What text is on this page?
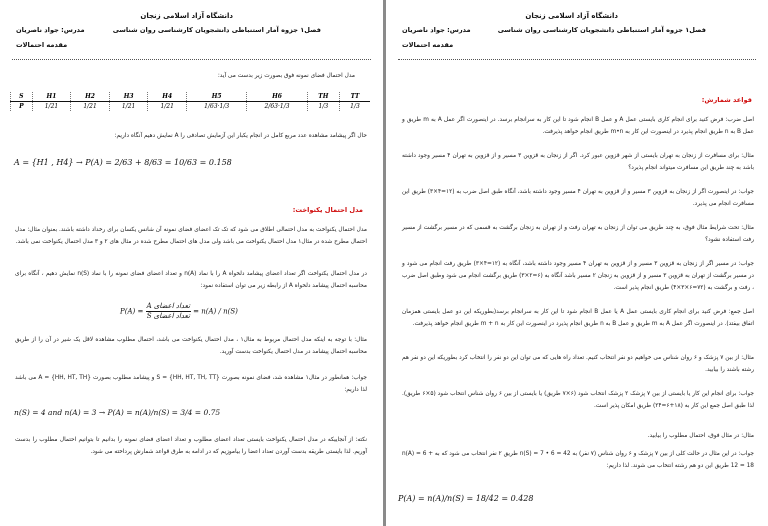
دانشگاه آزاد اسلامی زنجان
فصل۱ جزوه آمار استنباطی دانشجویان کارشناسی روان شناسی
مدرس: جواد ناصریان
مقدمه احتمالات
مدل احتمال فضای نمونه فوق بصورت زیر بدست می آید:
S	H1	H2	H3	H4	H5	H6	TH	TT
P	1/21	1/21	1/21	1/21	1/63·1/3	2/63·1/3	1/3	1/3
حال اگر پیشامد مشاهده عدد مربع کامل در انجام یکبار این آزمایش تصادفی را A نمایش دهیم آنگاه داریم:
A = {H1 , H4} → P(A) = 2/63 + 8/63 = 10/63 = 0.158
مدل احتمال یکنواخت:
مدل احتمال یکنواخت به مدل احتمالی اطلاق می شود که تک تک اعضای فضای نمونه آن شانس یکسان برای رخداد داشته باشند. بعنوان مثال: مدل احتمال مطرح شده در مثال۱ مدل احتمال یکنواخت می باشد ولی مدل های احتمال مطرح شده در مثال های ۲ و ۳ مدل احتمال یکنواخت نمی باشد.
در مدل احتمال یکنواخت اگر تعداد اعضای پیشامد دلخواه A را با نماد n(A) و تعداد اعضای فضای نمونه را با نماد n(S) نمایش دهیم ، آنگاه برای محاسبه احتمال پیشامد دلخواه A از رابطه زیر می توان استفاده نمود:
$P(A) = \frac{\text{A تعداد اعضای}}{\text{S تعداد اعضای}} = n(A) / n(S)$
مثال: با توجه به اینکه مدل احتمال مربوط به مثال۱ ، مدل احتمال یکنواخت می باشد، احتمال مطلوب مشاهده لاقل یک شیر در آن را از طریق محاسبه احتمال پیشامد در مدل احتمال یکنواخت بدست آورید.
جواب: همانطور در مثال۱ مشاهده شد، فضای نمونه بصورت S = {HH, HT, TH, TT} و پیشامد مطلوب بصورت A = {HH, HT, TH} می باشد لذا داریم:
n(S) = 4 and n(A) = 3 → P(A) = n(A)/n(S) = 3/4 = 0.75
نکته: از آنجاییکه در مدل احتمال یکنواخت بایستی تعداد اعضای مطلوب و تعداد اعضای فضای نمونه را بدانیم تا بتوانیم احتمال مطلوب را بدست آوریم. لذا بایستی طریقه بدست آوردن تعداد اعضا را بیاموزیم که در ادامه به طرق قواعد شمارش پرداخته می شود.
دانشگاه آزاد اسلامی زنجان
فصل۱ جزوه آمار استنباطی دانشجویان کارشناسی روان شناسی
مدرس: جواد ناصریان
مقدمه احتمالات
قواعد شمارش:
اصل ضرب: فرض کنید برای انجام کاری بایستی عمل A و عمل B انجام شود تا این کار به سرانجام برسد. در اینصورت اگر عمل A به m طریق و عمل B به n طریق انجام پذیرد در اینصورت این کار به m•n طریق انجام خواهد پذیرفت.
مثال: برای مسافرت از زنجان به تهران بایستی از شهر قزوین عبور کرد. اگر از زنجان به قزوین ۳ مسیر و از قزوین به تهران ۴ مسیر وجود داشته باشد به چند طریق این مسافرت میتواند انجام پذیرد؟
جواب: در اینصورت اگر از زنجان به قزوین ۳ مسیر و از قزوین به تهران ۴ مسیر وجود داشته باشد، آنگاه طبق اصل ضرب به (۱۲=۴×۳) طریق این مسافرت انجام می پذیرد.
مثال: تحت شرایط مثال فوق، به چند طریق می توان از زنجان به تهران رفت و از تهران به زنجان برگشت به قسمی که در مسیر برگشت از مسیر رفت استفاده نشود؟
جواب: در مسیر اگر از زنجان به قزوین ۳ مسیر و از قزوین به تهران ۴ مسیر وجود داشته باشد، آنگاه به (۱۲=۴×۳) طریق رفت انجام می شود و در مسیر برگشت از تهران به قزوین ۳ مسیر و از قزوین به زنجان ۲ مسیر باشد آنگاه به (۶=۲×۳) طریق برگشت انجام می شود وطبق اصل ضرب ، رفت و برگشت به (۷۲=۶×۳×۴) طریق انجام پذیر است.
اصل جمع: فرض کنید برای انجام کاری بایستی عمل A یا عمل B انجام شود تا این کار به سرانجام برسد(بطوریکه این دو عمل بایستی همزمان اتفاق بیفتد). در اینصورت اگر عمل A به m طریق و عمل B به n طریق انجام پذیرد در اینصورت این کار به m + n طریق انجام خواهد پذیرفت.
مثال: از بین ۷ پزشک و ۶ روان شناس می خواهیم دو نفر انتخاب کنیم. تعداد راه هایی که می توان این دو نفر را انتخاب کرد بطوریکه این دو نفر هم رشته باشند را بیابید.
جواب: برای انجام این کار یا بایستی از بین ۷ پزشک ۲ پزشک انتخاب شود (۶×۷ طریق) یا بایستی از بین ۶ روان شناس انتخاب شود (۵×۶ طریق). لذا طبق اصل جمع این کار به (۱۸+۶=۲۴) طریق امکان پذیر است.
مثال: در مثال فوق، احتمال مطلوب را بیابید.
جواب: در این مثال در حالت کلی از بین ۷ پزشک و ۶ روان شناس (۷ نفر) به n(S) = 7 • 6 = 42 طریق ۲ نفر انتخاب می شود که به n(A) = 6 + 12 = 18 طریق این دو هم رشته انتخاب می شوند. لذا داریم:
P(A) = n(A)/n(S) = 18/42 = 0.428
